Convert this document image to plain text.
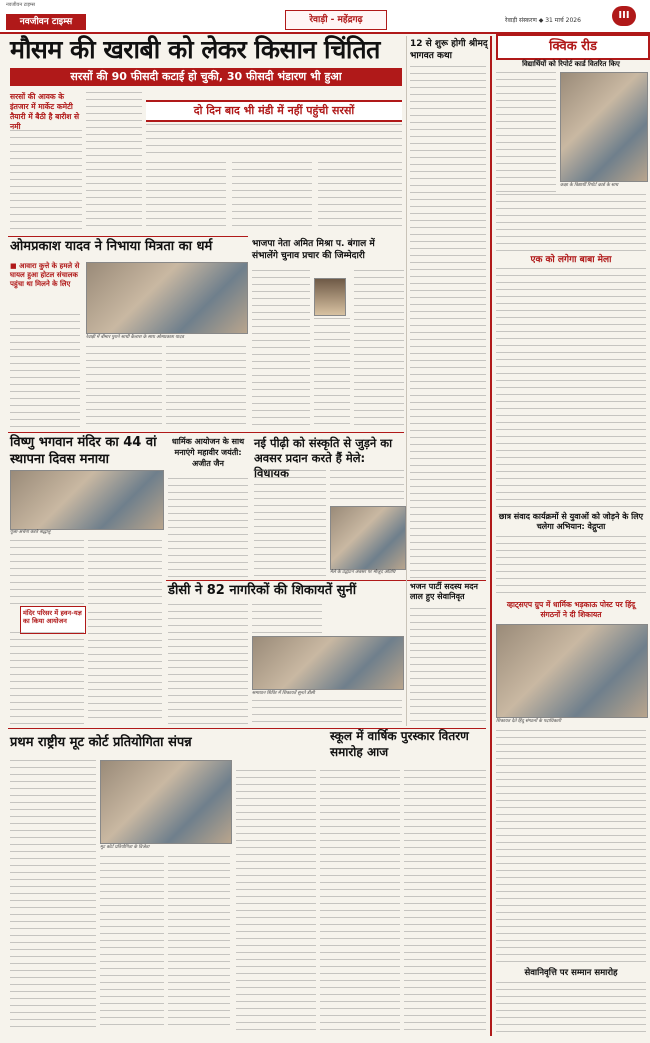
नवजीवन टाइम्स
नवजीवन टाइम्स	रेवाड़ी - महेंद्रगढ़	रेवाड़ी संस्करण ◆ 31 मार्च 2026	III
मौसम की खराबी को लेकर किसान चिंतित
सरसों की 90 फीसदी कटाई हो चुकी, 30 फीसदी भंडारण भी हुआ
सरसों की आवक के इंतजार में मार्केट कमेटी तैयारी में बैठी है बारीश से नमी
दो दिन बाद भी मंडी में नहीं पहुंची सरसों
12 से शुरू होगी श्रीमद् भागवत कथा
ओमप्रकाश यादव ने निभाया मित्रता का धर्म
■ आवारा कुत्ते के हमले से घायल हुआ होटल संचालक पहुंचा था मिलने के लिए
रेवाड़ी में बीमार पुराने साथी कैलाश के साथ ओमप्रकाश यादव
भाजपा नेता अमित मिश्रा प. बंगाल में संभालेंगे चुनाव प्रचार की जिम्मेदारी
विष्णु भगवान मंदिर का 44 वां स्थापना दिवस मनाया
पूजा-अर्चना करते श्रद्धालु
मंदिर परिसर में हवन-यज्ञ का किया आयोजन
धार्मिक आयोजन के साथ मनाएंगे महावीर जयंती: अजीत जैन
नई पीढ़ी को संस्कृति से जुड़ने का अवसर प्रदान करते हैं मेले: विधायक
मेले के उद्घाटन अवसर पर मौजूद अतिथि
डीसी ने 82 नागरिकों की शिकायतें सुनीं
समाधान शिविर में शिकायतें सुनते डीसी
भजन पार्टी सदस्य मदन लाल हुए सेवानिवृत
प्रथम राष्ट्रीय मूट कोर्ट प्रतियोगिता संपन्न
मूट कोर्ट प्रतियोगिता के विजेता
स्कूल में वार्षिक पुरस्कार वितरण समारोह आज
क्विक रीड
विद्यार्थियों को रिपोर्ट कार्ड वितरित किए
कक्षा के विद्यार्थी रिपोर्ट कार्ड के साथ
एक को लगेगा बाबा मेला
छात्र संवाद कार्यक्रमों से युवाओं को जोड़ने के लिए चलेगा अभियान: वेद्गुप्ता
व्हाट्सएप ग्रुप में धार्मिक भड़काऊ पोस्ट पर हिंदू संगठनों ने दी शिकायत
शिकायत देते हिंदू संगठनों के पदाधिकारी
सेवानिवृत्ति पर सम्मान समारोह
